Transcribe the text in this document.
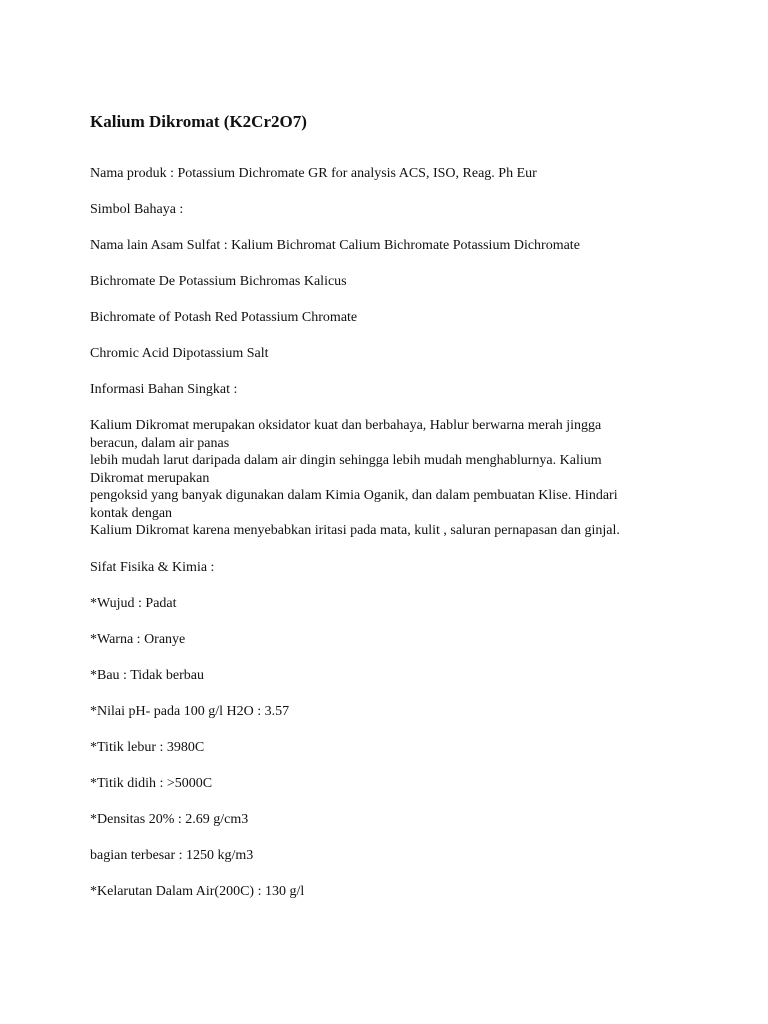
Kalium Dikromat (K2Cr2O7)
Nama produk : Potassium Dichromate GR for analysis ACS, ISO, Reag. Ph Eur
Simbol Bahaya :
Nama lain Asam Sulfat : Kalium Bichromat Calium Bichromate Potassium Dichromate
Bichromate De Potassium Bichromas Kalicus
Bichromate of Potash Red Potassium Chromate
Chromic Acid Dipotassium Salt
Informasi Bahan Singkat :
Kalium Dikromat merupakan oksidator kuat dan berbahaya, Hablur berwarna merah jingga
beracun, dalam air panas
lebih mudah larut daripada dalam air dingin sehingga lebih mudah menghablurnya. Kalium
Dikromat merupakan
pengoksid yang banyak digunakan dalam Kimia Oganik, dan dalam pembuatan Klise. Hindari
kontak dengan
Kalium Dikromat karena menyebabkan iritasi pada mata, kulit , saluran pernapasan dan ginjal.
Sifat Fisika & Kimia :
*Wujud : Padat
*Warna : Oranye
*Bau : Tidak berbau
*Nilai pH- pada 100 g/l H2O : 3.57
*Titik lebur : 3980C
*Titik didih : >5000C
*Densitas 20% : 2.69 g/cm3
bagian terbesar : 1250 kg/m3
*Kelarutan Dalam Air(200C) : 130 g/l
